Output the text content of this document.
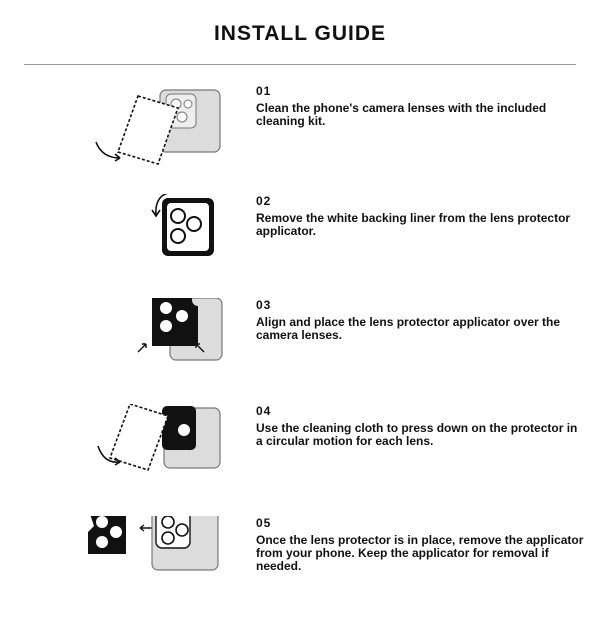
INSTALL GUIDE
01
Clean the phone's camera lenses with the included cleaning kit.
02
Remove the white backing liner from the lens protector applicator.
03
Align and place the lens protector applicator over the camera lenses.
04
Use the cleaning cloth to press down on the protector in a circular motion for each lens.
05
Once the lens protector is in place, remove the applicator from your phone. Keep the applicator for removal if needed.
